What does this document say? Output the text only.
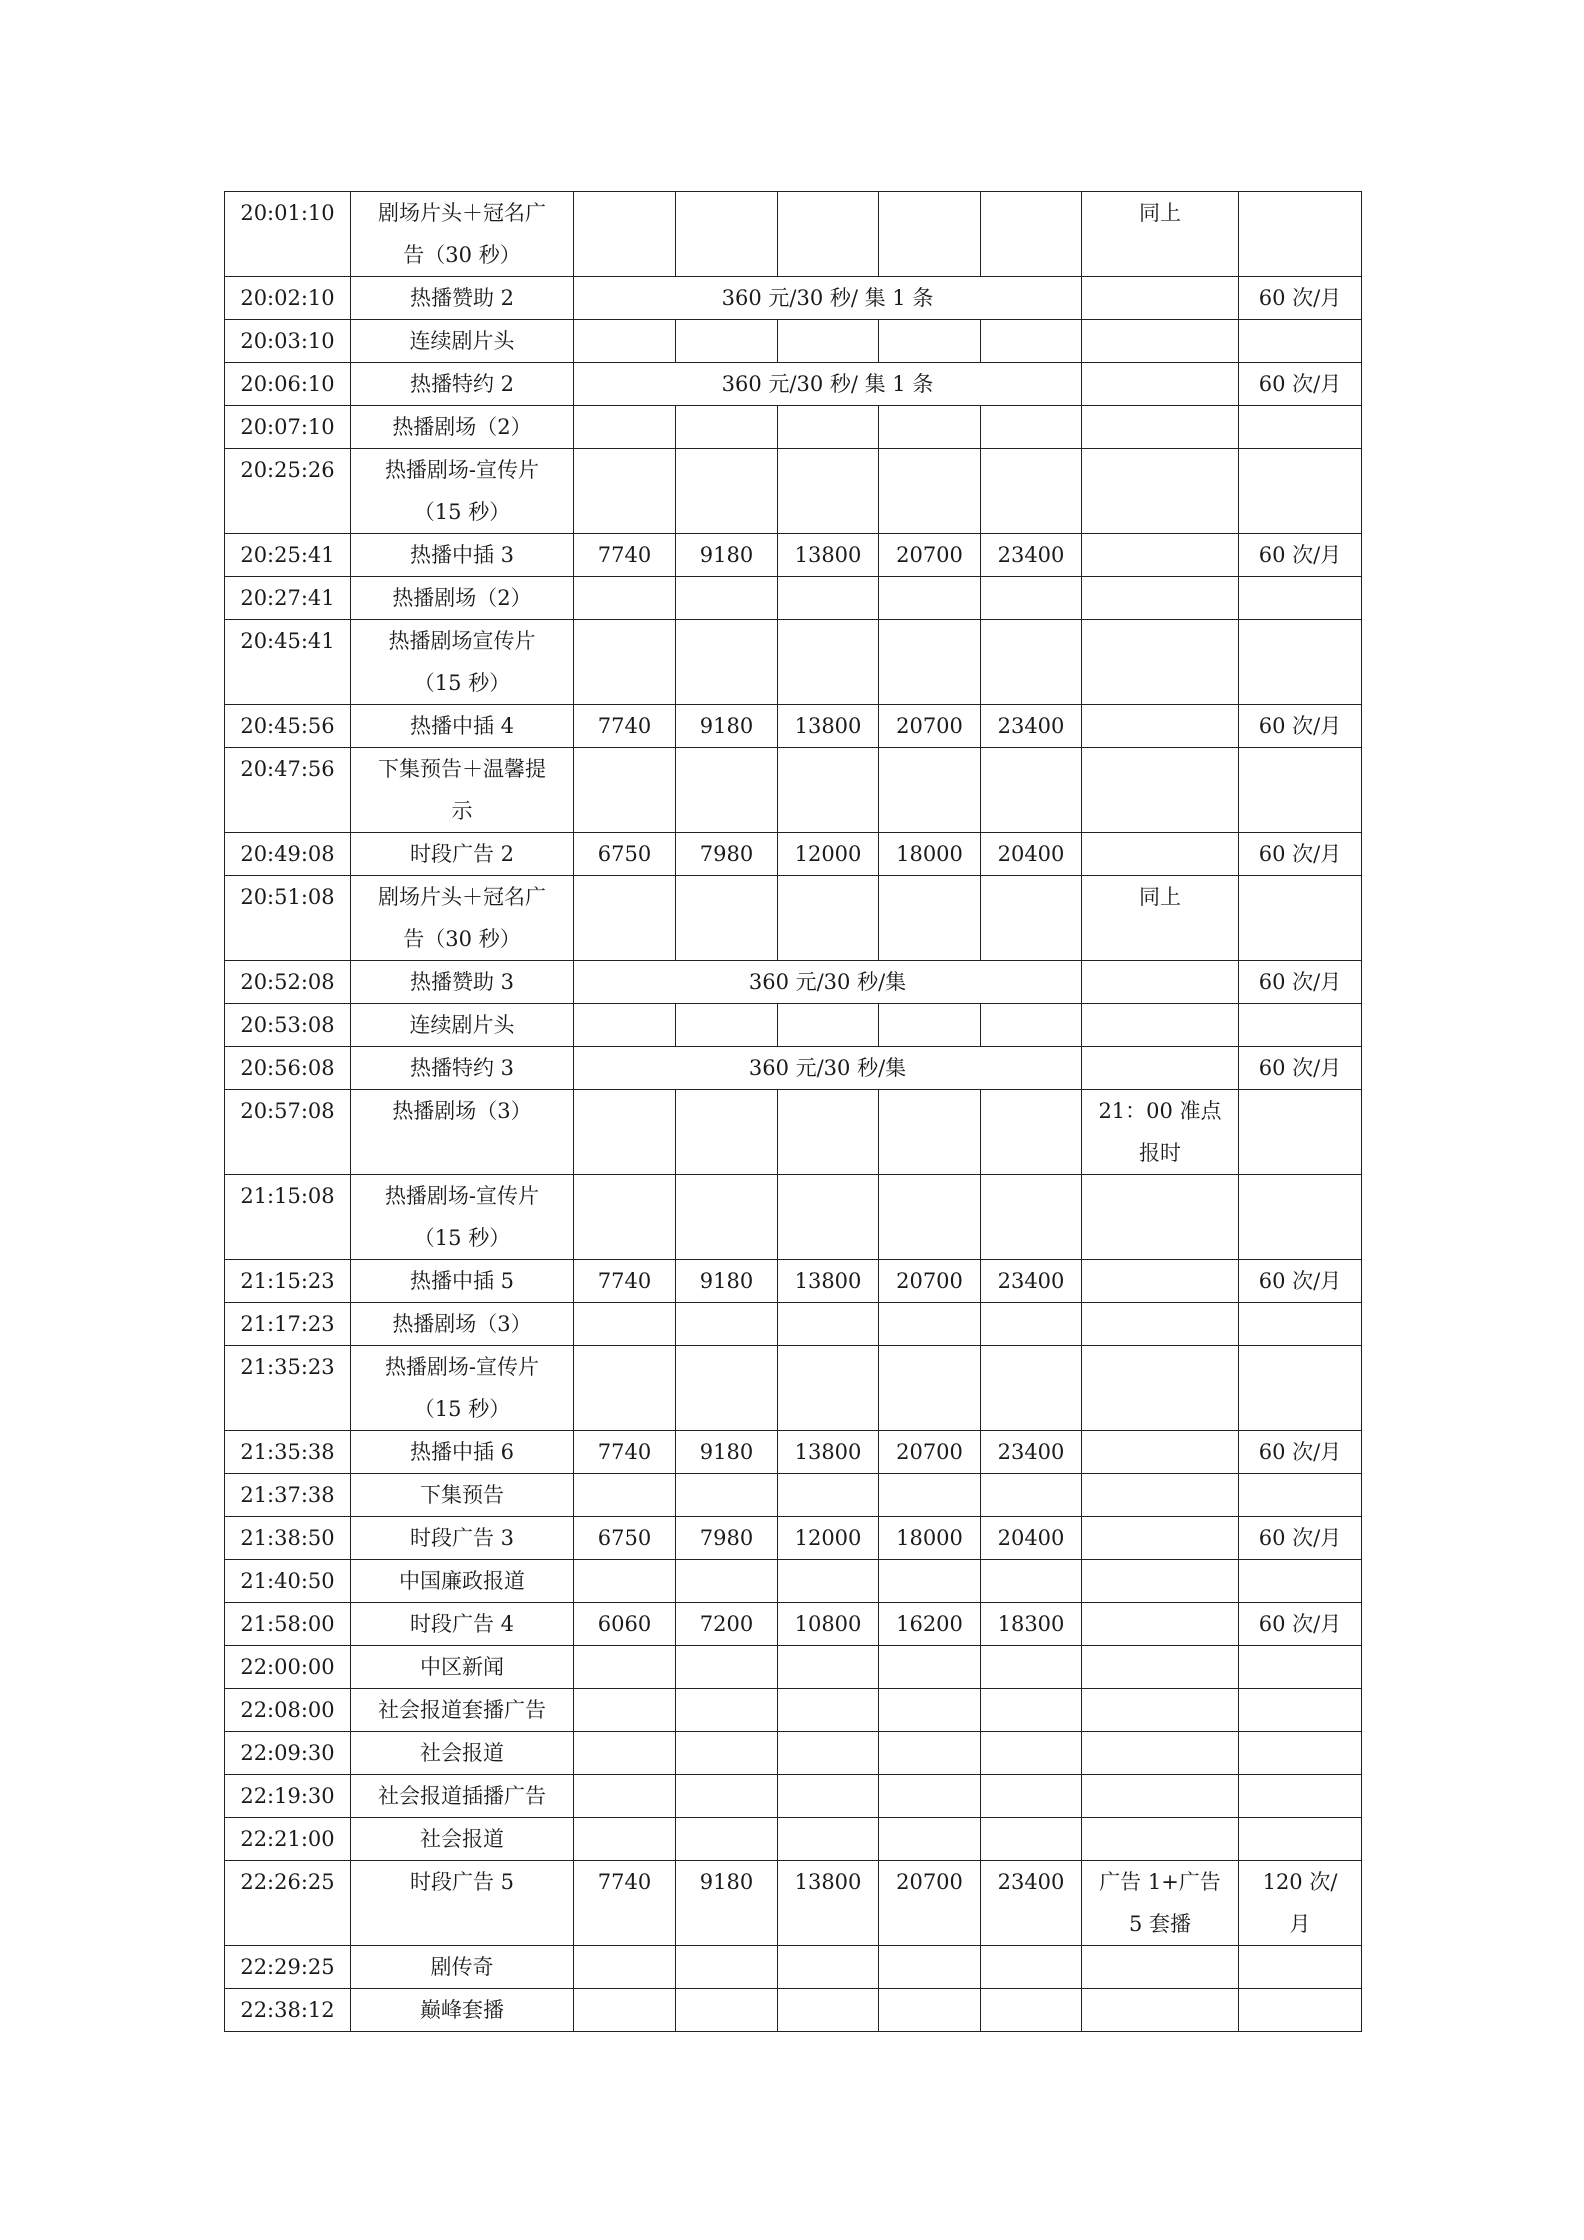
20:01:10	剧场片头＋冠名广
告（30 秒）						同上	

20:02:10	热播赞助 2	360 元/30 秒/ 集 1 条						60 次/月

20:03:10	连续剧片头							

20:06:10	热播特约 2	360 元/30 秒/ 集 1 条						60 次/月

20:07:10	热播剧场（2）							

20:25:26	热播剧场-宣传片
（15 秒）							

20:25:41	热播中插 3	7740	9180	13800	20700	23400		60 次/月

20:27:41	热播剧场（2）							

20:45:41	热播剧场宣传片
（15 秒）							

20:45:56	热播中插 4	7740	9180	13800	20700	23400		60 次/月

20:47:56	下集预告＋温馨提
示							

20:49:08	时段广告 2	6750	7980	12000	18000	20400		60 次/月

20:51:08	剧场片头＋冠名广
告（30 秒）						同上	

20:52:08	热播赞助 3	360 元/30 秒/集						60 次/月

20:53:08	连续剧片头							

20:56:08	热播特约 3	360 元/30 秒/集						60 次/月

20:57:08	热播剧场（3）						21：00 准点
报时	

21:15:08	热播剧场-宣传片
（15 秒）							

21:15:23	热播中插 5	7740	9180	13800	20700	23400		60 次/月

21:17:23	热播剧场（3）							

21:35:23	热播剧场-宣传片
（15 秒）							

21:35:38	热播中插 6	7740	9180	13800	20700	23400		60 次/月

21:37:38	下集预告							

21:38:50	时段广告 3	6750	7980	12000	18000	20400		60 次/月

21:40:50	中国廉政报道							

21:58:00	时段广告 4	6060	7200	10800	16200	18300		60 次/月

22:00:00	中区新闻							

22:08:00	社会报道套播广告							

22:09:30	社会报道							

22:19:30	社会报道插播广告							

22:21:00	社会报道							

22:26:25	时段广告 5	7740	9180	13800	20700	23400	广告 1+广告
5 套播	120 次/
月

22:29:25	剧传奇							

22:38:12	巅峰套播							
